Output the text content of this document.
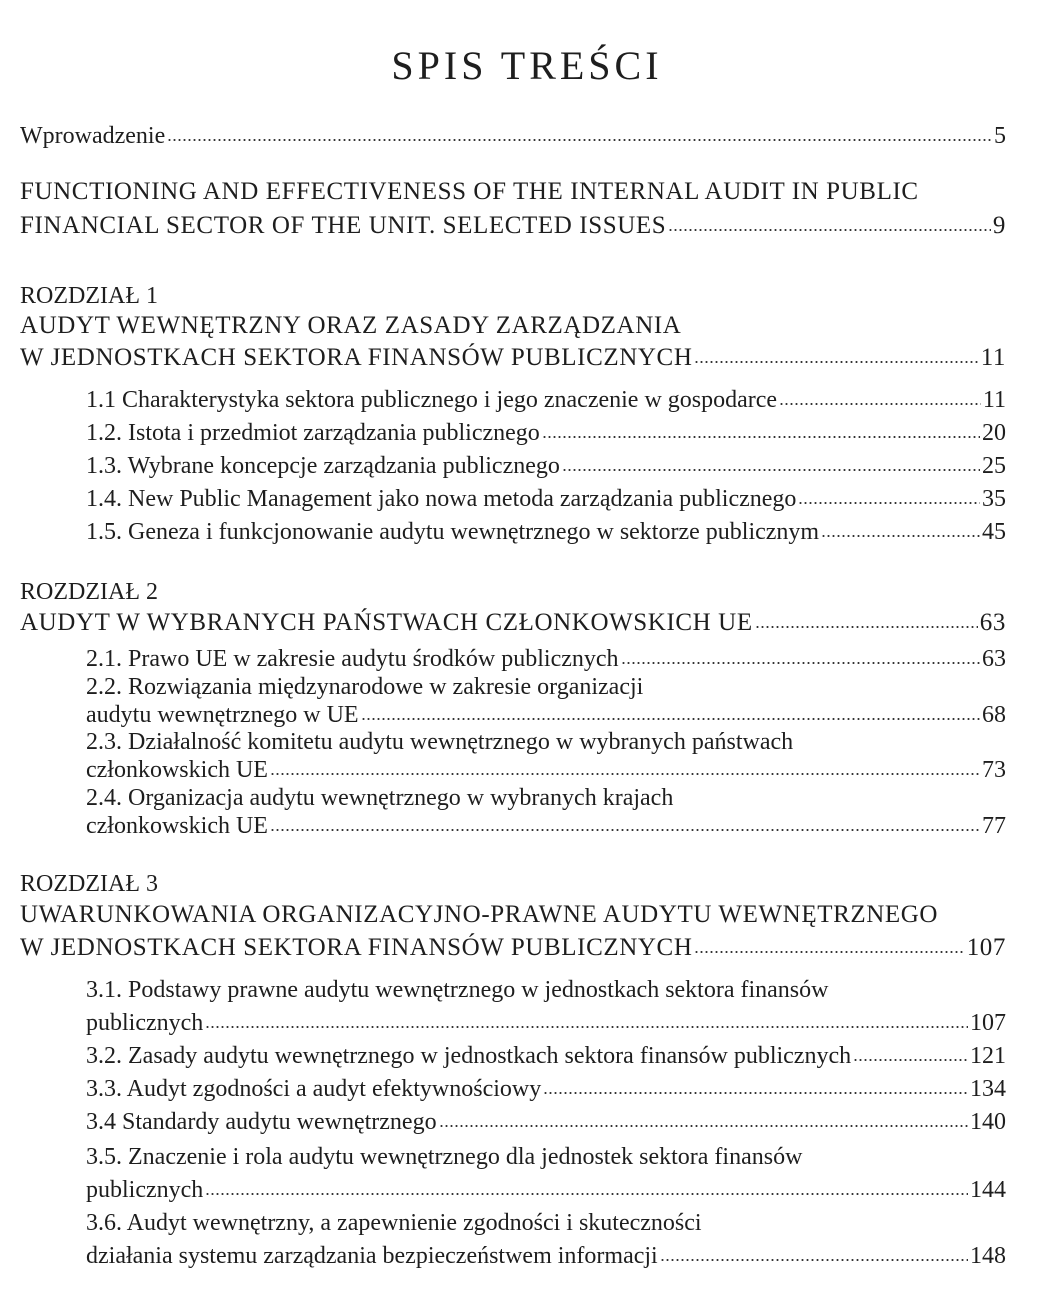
SPIS TREŚCI
Wprowadzenie	5
FUNCTIONING AND EFFECTIVENESS OF THE INTERNAL AUDIT IN PUBLIC
FINANCIAL SECTOR OF THE UNIT. SELECTED ISSUES	9
ROZDZIAŁ 1
AUDYT WEWNĘTRZNY ORAZ ZASADY ZARZĄDZANIA
W JEDNOSTKACH SEKTORA FINANSÓW PUBLICZNYCH	11
1.1 Charakterystyka sektora publicznego i jego znaczenie w gospodarce	11
1.2. Istota i przedmiot zarządzania publicznego	20
1.3. Wybrane koncepcje zarządzania publicznego	25
1.4. New Public Management jako nowa metoda zarządzania publicznego	35
1.5. Geneza i funkcjonowanie audytu wewnętrznego w sektorze publicznym	45
ROZDZIAŁ 2
AUDYT W WYBRANYCH PAŃSTWACH CZŁONKOWSKICH UE	63
2.1. Prawo UE w zakresie audytu środków publicznych	63
2.2. Rozwiązania międzynarodowe w zakresie organizacji
audytu wewnętrznego w UE	68
2.3. Działalność komitetu audytu wewnętrznego w wybranych państwach
członkowskich UE	73
2.4. Organizacja audytu wewnętrznego w wybranych krajach
członkowskich UE	77
ROZDZIAŁ 3
UWARUNKOWANIA ORGANIZACYJNO-PRAWNE AUDYTU WEWNĘTRZNEGO
W JEDNOSTKACH SEKTORA FINANSÓW PUBLICZNYCH	107
3.1. Podstawy prawne audytu wewnętrznego w jednostkach sektora finansów
publicznych	107
3.2. Zasady audytu wewnętrznego w jednostkach sektora finansów publicznych	121
3.3. Audyt zgodności a audyt efektywnościowy	134
3.4 Standardy audytu wewnętrznego	140
3.5. Znaczenie i rola audytu wewnętrznego dla jednostek sektora finansów
publicznych	144
3.6. Audyt wewnętrzny, a zapewnienie zgodności i skuteczności
działania systemu zarządzania bezpieczeństwem informacji	148
